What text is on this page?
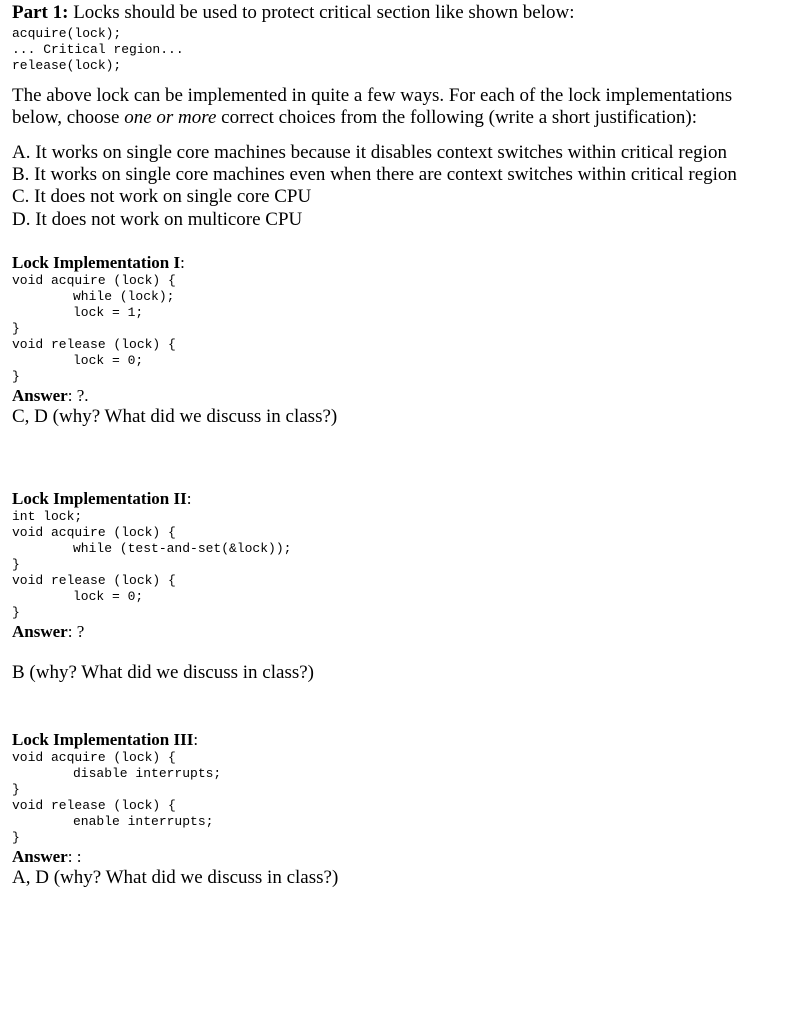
Part 1: Locks should be used to protect critical section like shown below:
acquire(lock);
... Critical region...
release(lock);
The above lock can be implemented in quite a few ways. For each of the lock implementations
below, choose one or more correct choices from the following (write a short justification):
A. It works on single core machines because it disables context switches within critical region
B. It works on single core machines even when there are context switches within critical region
C. It does not work on single core CPU
D. It does not work on multicore CPU
Lock Implementation I:
void acquire (lock) {
while (lock);
lock = 1;
}
void release (lock) {
lock = 0;
}
Answer: ?.
C, D (why? What did we discuss in class?)
Lock Implementation II:
int lock;
void acquire (lock) {
while (test-and-set(&lock));
}
void release (lock) {
lock = 0;
}
Answer: ?
B (why? What did we discuss in class?)
Lock Implementation III:
void acquire (lock) {
disable interrupts;
}
void release (lock) {
enable interrupts;
}
Answer: :
A, D (why? What did we discuss in class?)
